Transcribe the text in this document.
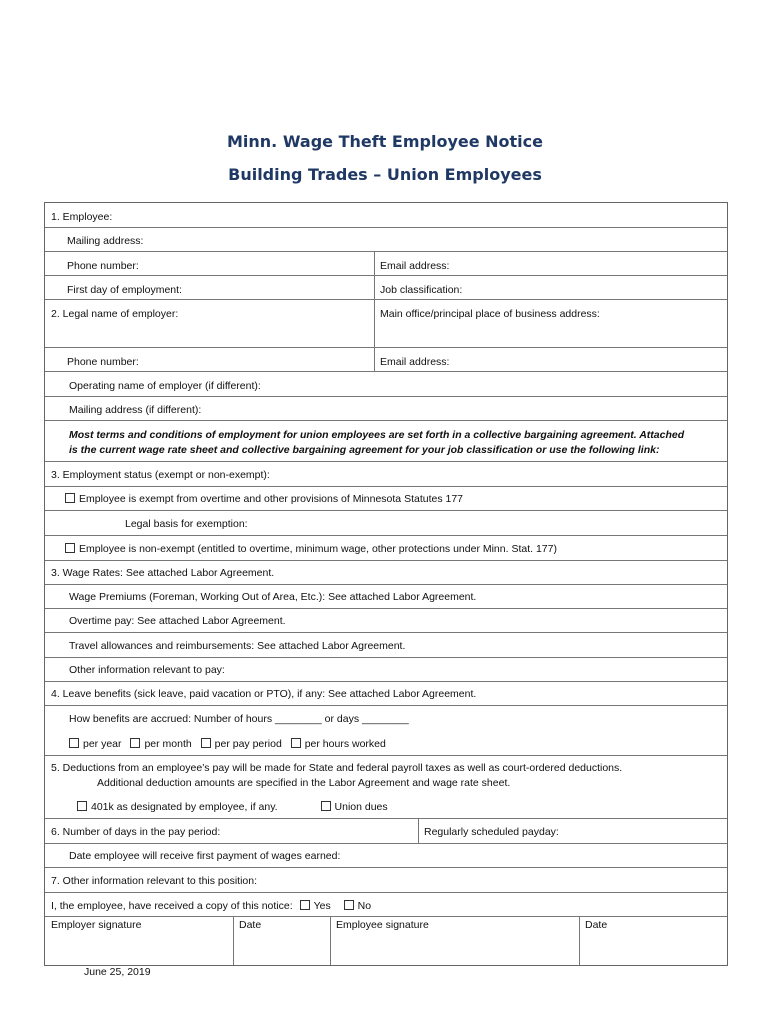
Minn. Wage Theft Employee Notice
Building Trades – Union Employees
1. Employee:
Mailing address:
Phone number:	Email address:
First day of employment:	Job classification:
2. Legal name of employer:	Main office/principal place of business address:
Phone number:	Email address:
Operating name of employer (if different):
Mailing address (if different):
Most terms and conditions of employment for union employees are set forth in a collective bargaining agreement. Attached
is the current wage rate sheet and collective bargaining agreement for your job classification or use the following link:
3. Employment status (exempt or non-exempt):
Employee is exempt from overtime and other provisions of Minnesota Statutes 177
Legal basis for exemption:
Employee is non-exempt (entitled to overtime, minimum wage, other protections under Minn. Stat. 177)
3. Wage Rates: See attached Labor Agreement.
Wage Premiums (Foreman, Working Out of Area, Etc.): See attached Labor Agreement.
Overtime pay: See attached Labor Agreement.
Travel allowances and reimbursements: See attached Labor Agreement.
Other information relevant to pay:
4. Leave benefits (sick leave, paid vacation or PTO), if any: See attached Labor Agreement.
How benefits are accrued: Number of hours ________ or days ________
per year per month per pay period per hours worked
5. Deductions from an employee’s pay will be made for State and federal payroll taxes as well as court-ordered deductions.
Additional deduction amounts are specified in the Labor Agreement and wage rate sheet.
401k as designated by employee, if any.	Union dues
6. Number of days in the pay period:	Regularly scheduled payday:
Date employee will receive first payment of wages earned:
7. Other information relevant to this position:
I, the employee, have received a copy of this notice: Yes	No
Employer signature	Date	Employee signature	Date
June 25, 2019
